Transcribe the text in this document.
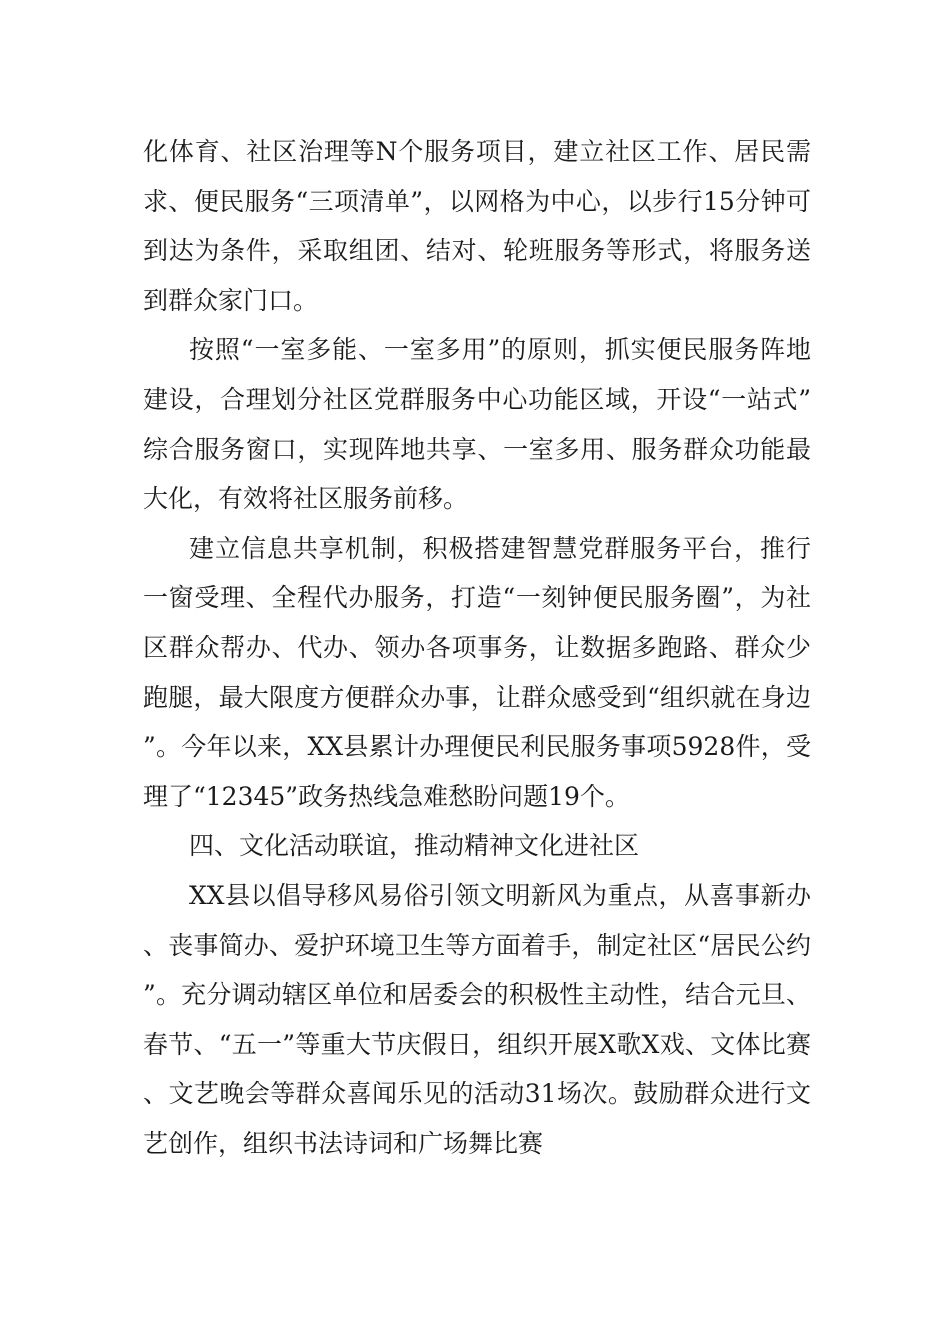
化体育、社区治理等N个服务项目，建立社区工作、居民需求、便民服务“三项清单”，以网格为中心，以步行15分钟可到达为条件，采取组团、结对、轮班服务等形式，将服务送到群众家门口。

按照“一室多能、一室多用”的原则，抓实便民服务阵地建设，合理划分社区党群服务中心功能区域，开设“一站式”综合服务窗口，实现阵地共享、一室多用、服务群众功能最大化，有效将社区服务前移。

建立信息共享机制，积极搭建智慧党群服务平台，推行一窗受理、全程代办服务，打造“一刻钟便民服务圈”，为社区群众帮办、代办、领办各项事务，让数据多跑路、群众少跑腿，最大限度方便群众办事，让群众感受到“组织就在身边”。今年以来，XX县累计办理便民利民服务事项5928件，受理了“12345”政务热线急难愁盼问题19个。

四、文化活动联谊，推动精神文化进社区

XX县以倡导移风易俗引领文明新风为重点，从喜事新办、丧事简办、爱护环境卫生等方面着手，制定社区“居民公约”。充分调动辖区单位和居委会的积极性主动性，结合元旦、春节、“五一”等重大节庆假日，组织开展X歌X戏、文体比赛、文艺晚会等群众喜闻乐见的活动31场次。鼓励群众进行文艺创作，组织书法诗词和广场舞比赛
